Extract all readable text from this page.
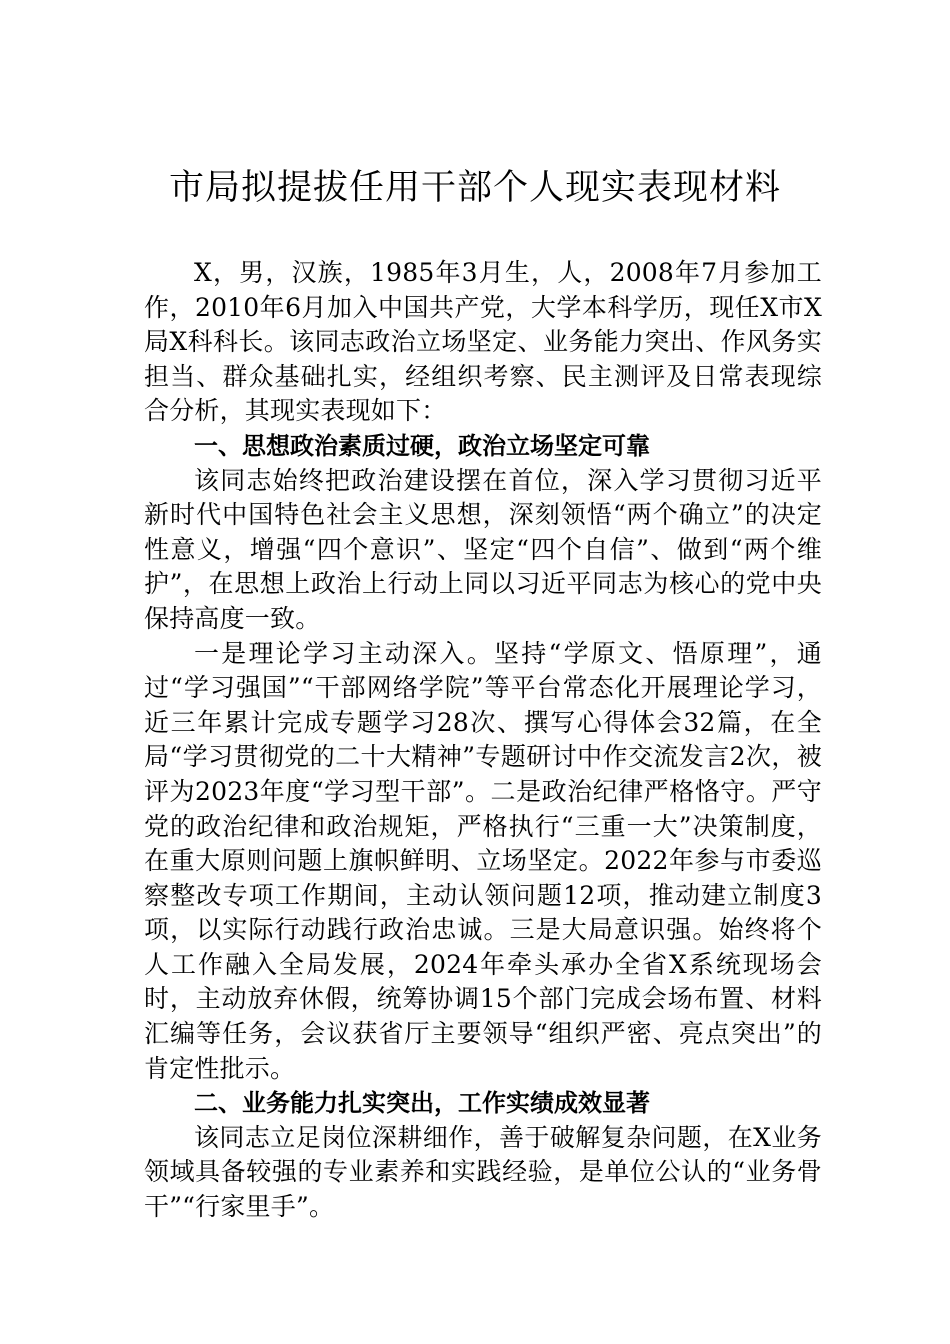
市局拟提拔任用干部个人现实表现材料

X，男，汉族，1985年3月生，人，2008年7月参加工作，2010年6月加入中国共产党，大学本科学历，现任X市X局X科科长。该同志政治立场坚定、业务能力突出、作风务实担当、群众基础扎实，经组织考察、民主测评及日常表现综合分析，其现实表现如下：

一、思想政治素质过硬，政治立场坚定可靠

该同志始终把政治建设摆在首位，深入学习贯彻习近平新时代中国特色社会主义思想，深刻领悟“两个确立”的决定性意义，增强“四个意识”、坚定“四个自信”、做到“两个维护”，在思想上政治上行动上同以习近平同志为核心的党中央保持高度一致。

一是理论学习主动深入。坚持“学原文、悟原理”，通过“学习强国”“干部网络学院”等平台常态化开展理论学习，近三年累计完成专题学习28次、撰写心得体会32篇，在全局“学习贯彻党的二十大精神”专题研讨中作交流发言2次，被评为2023年度“学习型干部”。二是政治纪律严格恪守。严守党的政治纪律和政治规矩，严格执行“三重一大”决策制度，在重大原则问题上旗帜鲜明、立场坚定。2022年参与市委巡察整改专项工作期间，主动认领问题12项，推动建立制度3项，以实际行动践行政治忠诚。三是大局意识强。始终将个人工作融入全局发展，2024年牵头承办全省X系统现场会时，主动放弃休假，统筹协调15个部门完成会场布置、材料汇编等任务，会议获省厅主要领导“组织严密、亮点突出”的肯定性批示。

二、业务能力扎实突出，工作实绩成效显著

该同志立足岗位深耕细作，善于破解复杂问题，在X业务领域具备较强的专业素养和实践经验，是单位公认的“业务骨干”“行家里手”。
